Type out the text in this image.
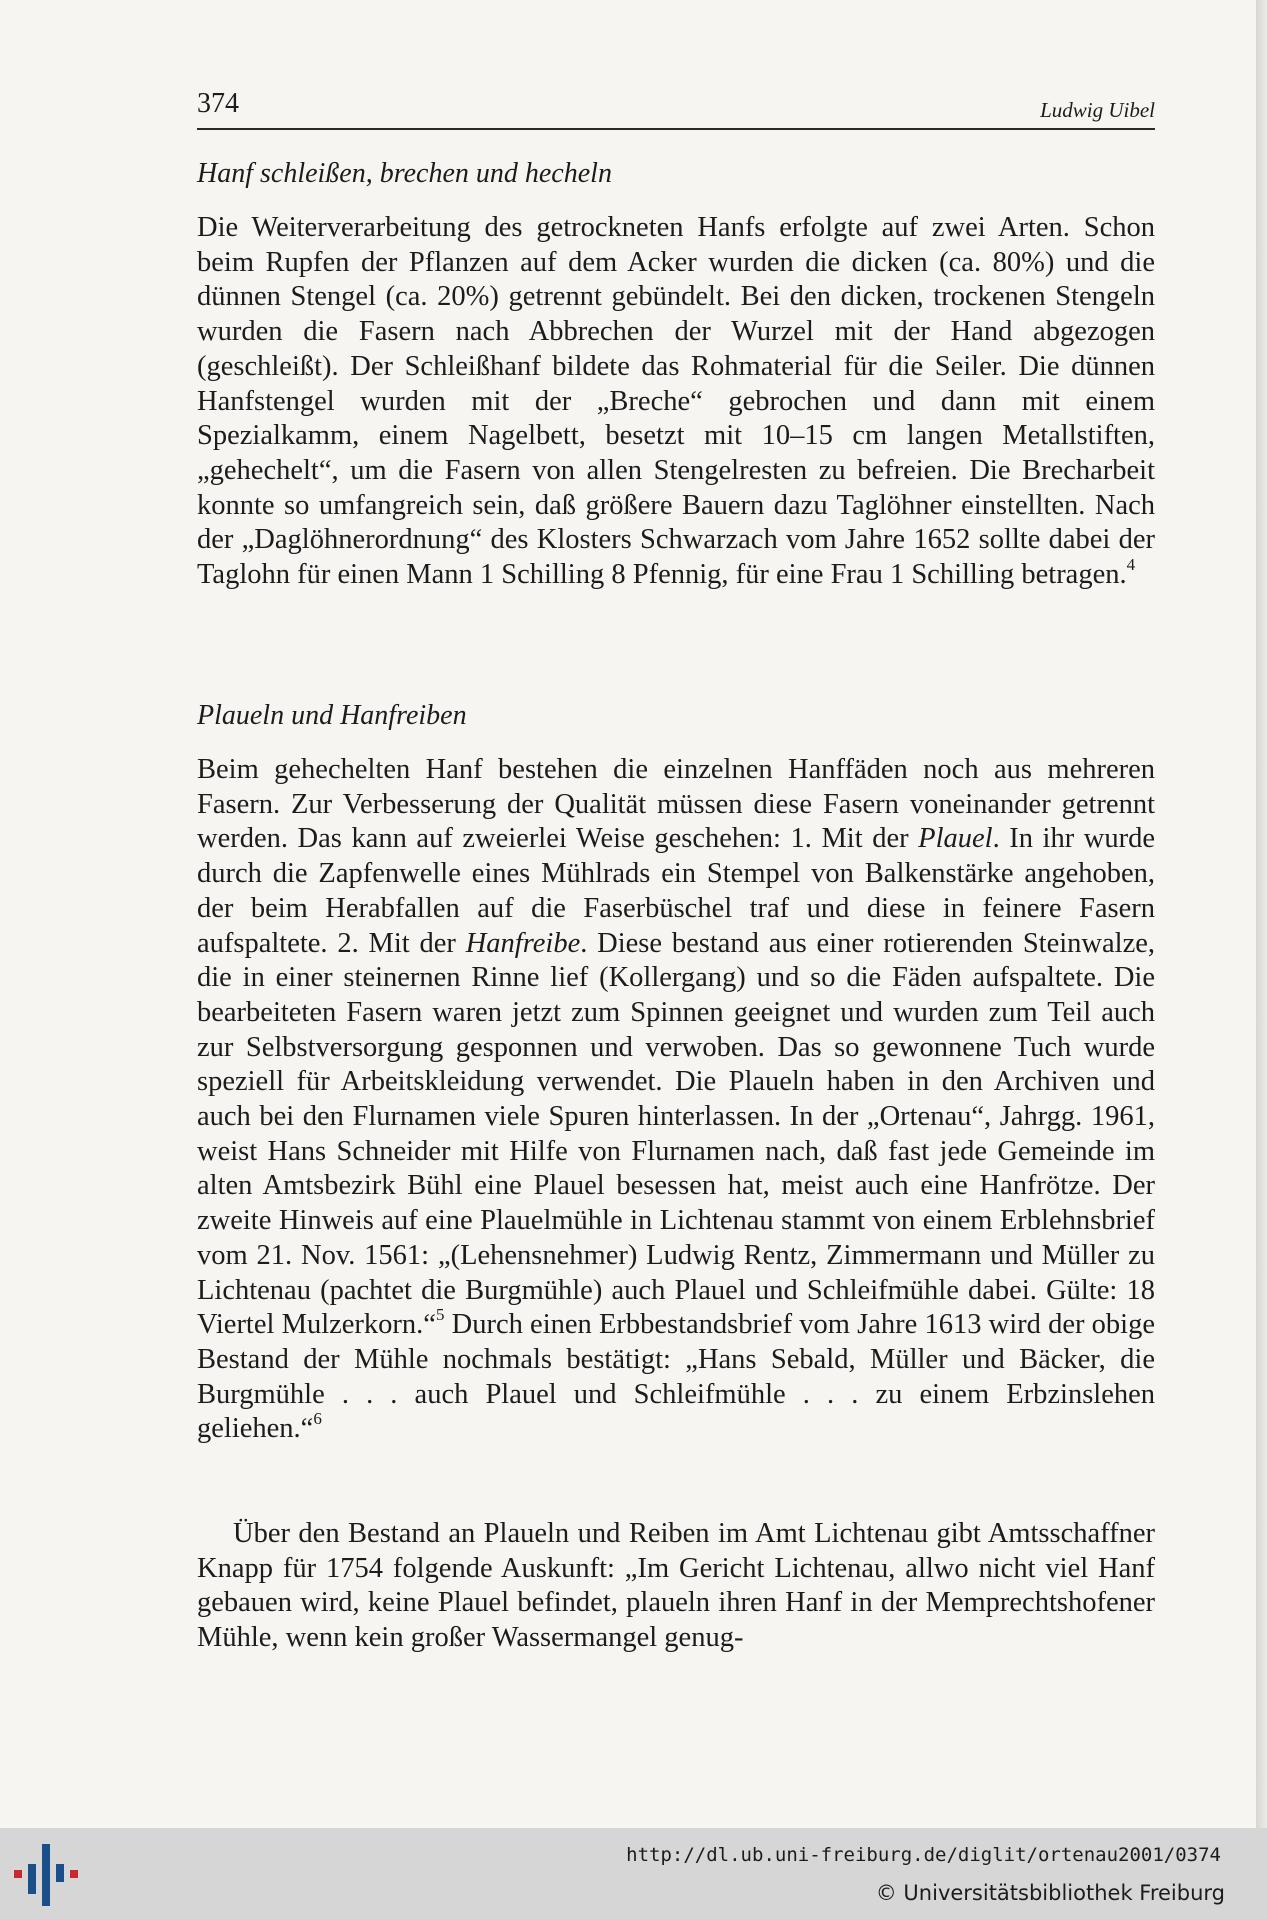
374	Ludwig Uibel
Hanf schleißen, brechen und hecheln

Die Weiterverarbeitung des getrockneten Hanfs erfolgte auf zwei Arten. Schon beim Rupfen der Pflanzen auf dem Acker wurden die dicken (ca. 80%) und die dünnen Stengel (ca. 20%) getrennt gebündelt. Bei den dicken, trockenen Stengeln wurden die Fasern nach Abbrechen der Wurzel mit der Hand abgezogen (geschleißt). Der Schleißhanf bildete das Rohmaterial für die Seiler. Die dünnen Hanfstengel wurden mit der „Breche“ gebrochen und dann mit einem Spezialkamm, einem Nagelbett, besetzt mit 10–15 cm langen Metallstiften, „gehechelt“, um die Fasern von allen Stengelresten zu befreien. Die Brecharbeit konnte so umfangreich sein, daß größere Bauern dazu Taglöhner einstellten. Nach der „Daglöhnerordnung“ des Klosters Schwarzach vom Jahre 1652 sollte dabei der Taglohn für einen Mann 1 Schilling 8 Pfennig, für eine Frau 1 Schilling betragen.$^4$

Plaueln und Hanfreiben

Beim gehechelten Hanf bestehen die einzelnen Hanffäden noch aus mehreren Fasern. Zur Verbesserung der Qualität müssen diese Fasern voneinander getrennt werden. Das kann auf zweierlei Weise geschehen: 1. Mit der Plauel. In ihr wurde durch die Zapfenwelle eines Mühlrads ein Stempel von Balkenstärke angehoben, der beim Herabfallen auf die Faserbüschel traf und diese in feinere Fasern aufspaltete. 2. Mit der Hanfreibe. Diese bestand aus einer rotierenden Steinwalze, die in einer steinernen Rinne lief (Kollergang) und so die Fäden aufspaltete. Die bearbeiteten Fasern waren jetzt zum Spinnen geeignet und wurden zum Teil auch zur Selbstversorgung gesponnen und verwoben. Das so gewonnene Tuch wurde speziell für Arbeitskleidung verwendet. Die Plaueln haben in den Archiven und auch bei den Flurnamen viele Spuren hinterlassen. In der „Ortenau“, Jahrgg. 1961, weist Hans Schneider mit Hilfe von Flurnamen nach, daß fast jede Gemeinde im alten Amtsbezirk Bühl eine Plauel besessen hat, meist auch eine Hanfrötze. Der zweite Hinweis auf eine Plauelmühle in Lichtenau stammt von einem Erblehnsbrief vom 21. Nov. 1561: „(Lehensnehmer) Ludwig Rentz, Zimmermann und Müller zu Lichtenau (pachtet die Burgmühle) auch Plauel und Schleifmühle dabei. Gülte: 18 Viertel Mulzerkorn.“$^5$ Durch einen Erbbestandsbrief vom Jahre 1613 wird der obige Bestand der Mühle nochmals bestätigt: „Hans Sebald, Müller und Bäcker, die Burgmühle . . . auch Plauel und Schleifmühle . . . zu einem Erbzinslehen geliehen.“$^6$

Über den Bestand an Plaueln und Reiben im Amt Lichtenau gibt Amtsschaffner Knapp für 1754 folgende Auskunft: „Im Gericht Lichtenau, allwo nicht viel Hanf gebauen wird, keine Plauel befindet, plaueln ihren Hanf in der Memprechtshofener Mühle, wenn kein großer Wassermangel genug-

http://dl.ub.uni-freiburg.de/diglit/ortenau2001/0374
© Universitätsbibliothek Freiburg
